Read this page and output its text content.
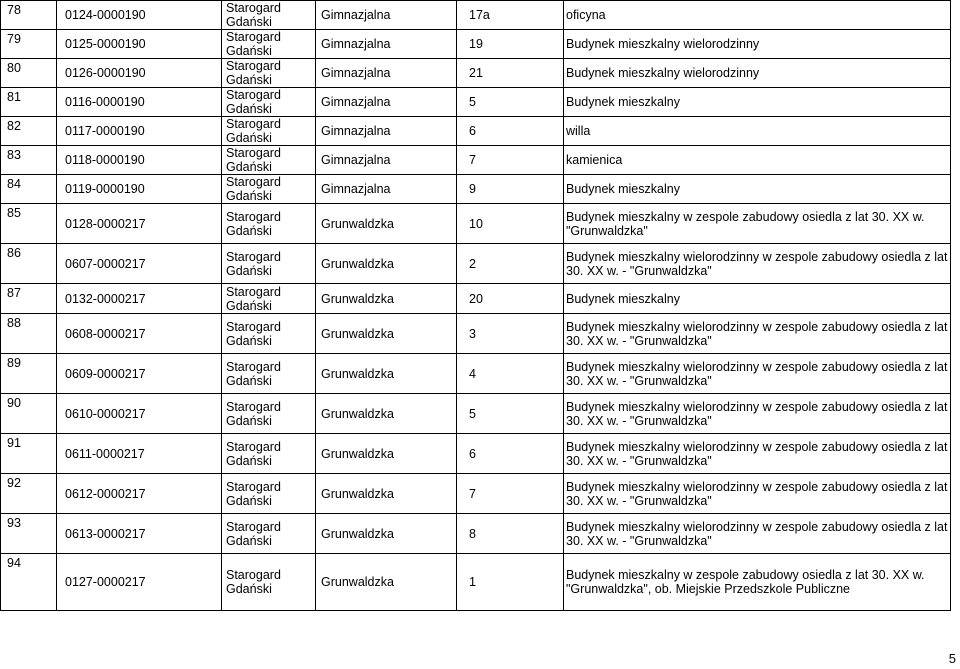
78	0124-0000190	Starogard Gdański	Gimnazjalna	17a	oficyna
79	0125-0000190	Starogard Gdański	Gimnazjalna	19	Budynek mieszkalny wielorodzinny
80	0126-0000190	Starogard Gdański	Gimnazjalna	21	Budynek mieszkalny wielorodzinny
81	0116-0000190	Starogard Gdański	Gimnazjalna	5	Budynek mieszkalny
82	0117-0000190	Starogard Gdański	Gimnazjalna	6	willa
83	0118-0000190	Starogard Gdański	Gimnazjalna	7	kamienica
84	0119-0000190	Starogard Gdański	Gimnazjalna	9	Budynek mieszkalny
85	0128-0000217	Starogard Gdański	Grunwaldzka	10	Budynek mieszkalny w zespole zabudowy osiedla z lat 30. XX w. "Grunwaldzka"
86	0607-0000217	Starogard Gdański	Grunwaldzka	2	Budynek mieszkalny wielorodzinny w zespole zabudowy osiedla z lat 30. XX w. - "Grunwaldzka"
87	0132-0000217	Starogard Gdański	Grunwaldzka	20	Budynek mieszkalny
88	0608-0000217	Starogard Gdański	Grunwaldzka	3	Budynek mieszkalny wielorodzinny w zespole zabudowy osiedla z lat 30. XX w. - "Grunwaldzka"
89	0609-0000217	Starogard Gdański	Grunwaldzka	4	Budynek mieszkalny wielorodzinny w zespole zabudowy osiedla z lat 30. XX w. - "Grunwaldzka"
90	0610-0000217	Starogard Gdański	Grunwaldzka	5	Budynek mieszkalny wielorodzinny w zespole zabudowy osiedla z lat 30. XX w. - "Grunwaldzka"
91	0611-0000217	Starogard Gdański	Grunwaldzka	6	Budynek mieszkalny wielorodzinny w zespole zabudowy osiedla z lat 30. XX w. - "Grunwaldzka"
92	0612-0000217	Starogard Gdański	Grunwaldzka	7	Budynek mieszkalny wielorodzinny w zespole zabudowy osiedla z lat 30. XX w. - "Grunwaldzka"
93	0613-0000217	Starogard Gdański	Grunwaldzka	8	Budynek mieszkalny wielorodzinny w zespole zabudowy osiedla z lat 30. XX w. - "Grunwaldzka"
94	0127-0000217	Starogard Gdański	Grunwaldzka	1	Budynek mieszkalny w zespole zabudowy osiedla z lat 30. XX w. "Grunwaldzka", ob. Miejskie Przedszkole Publiczne
5
